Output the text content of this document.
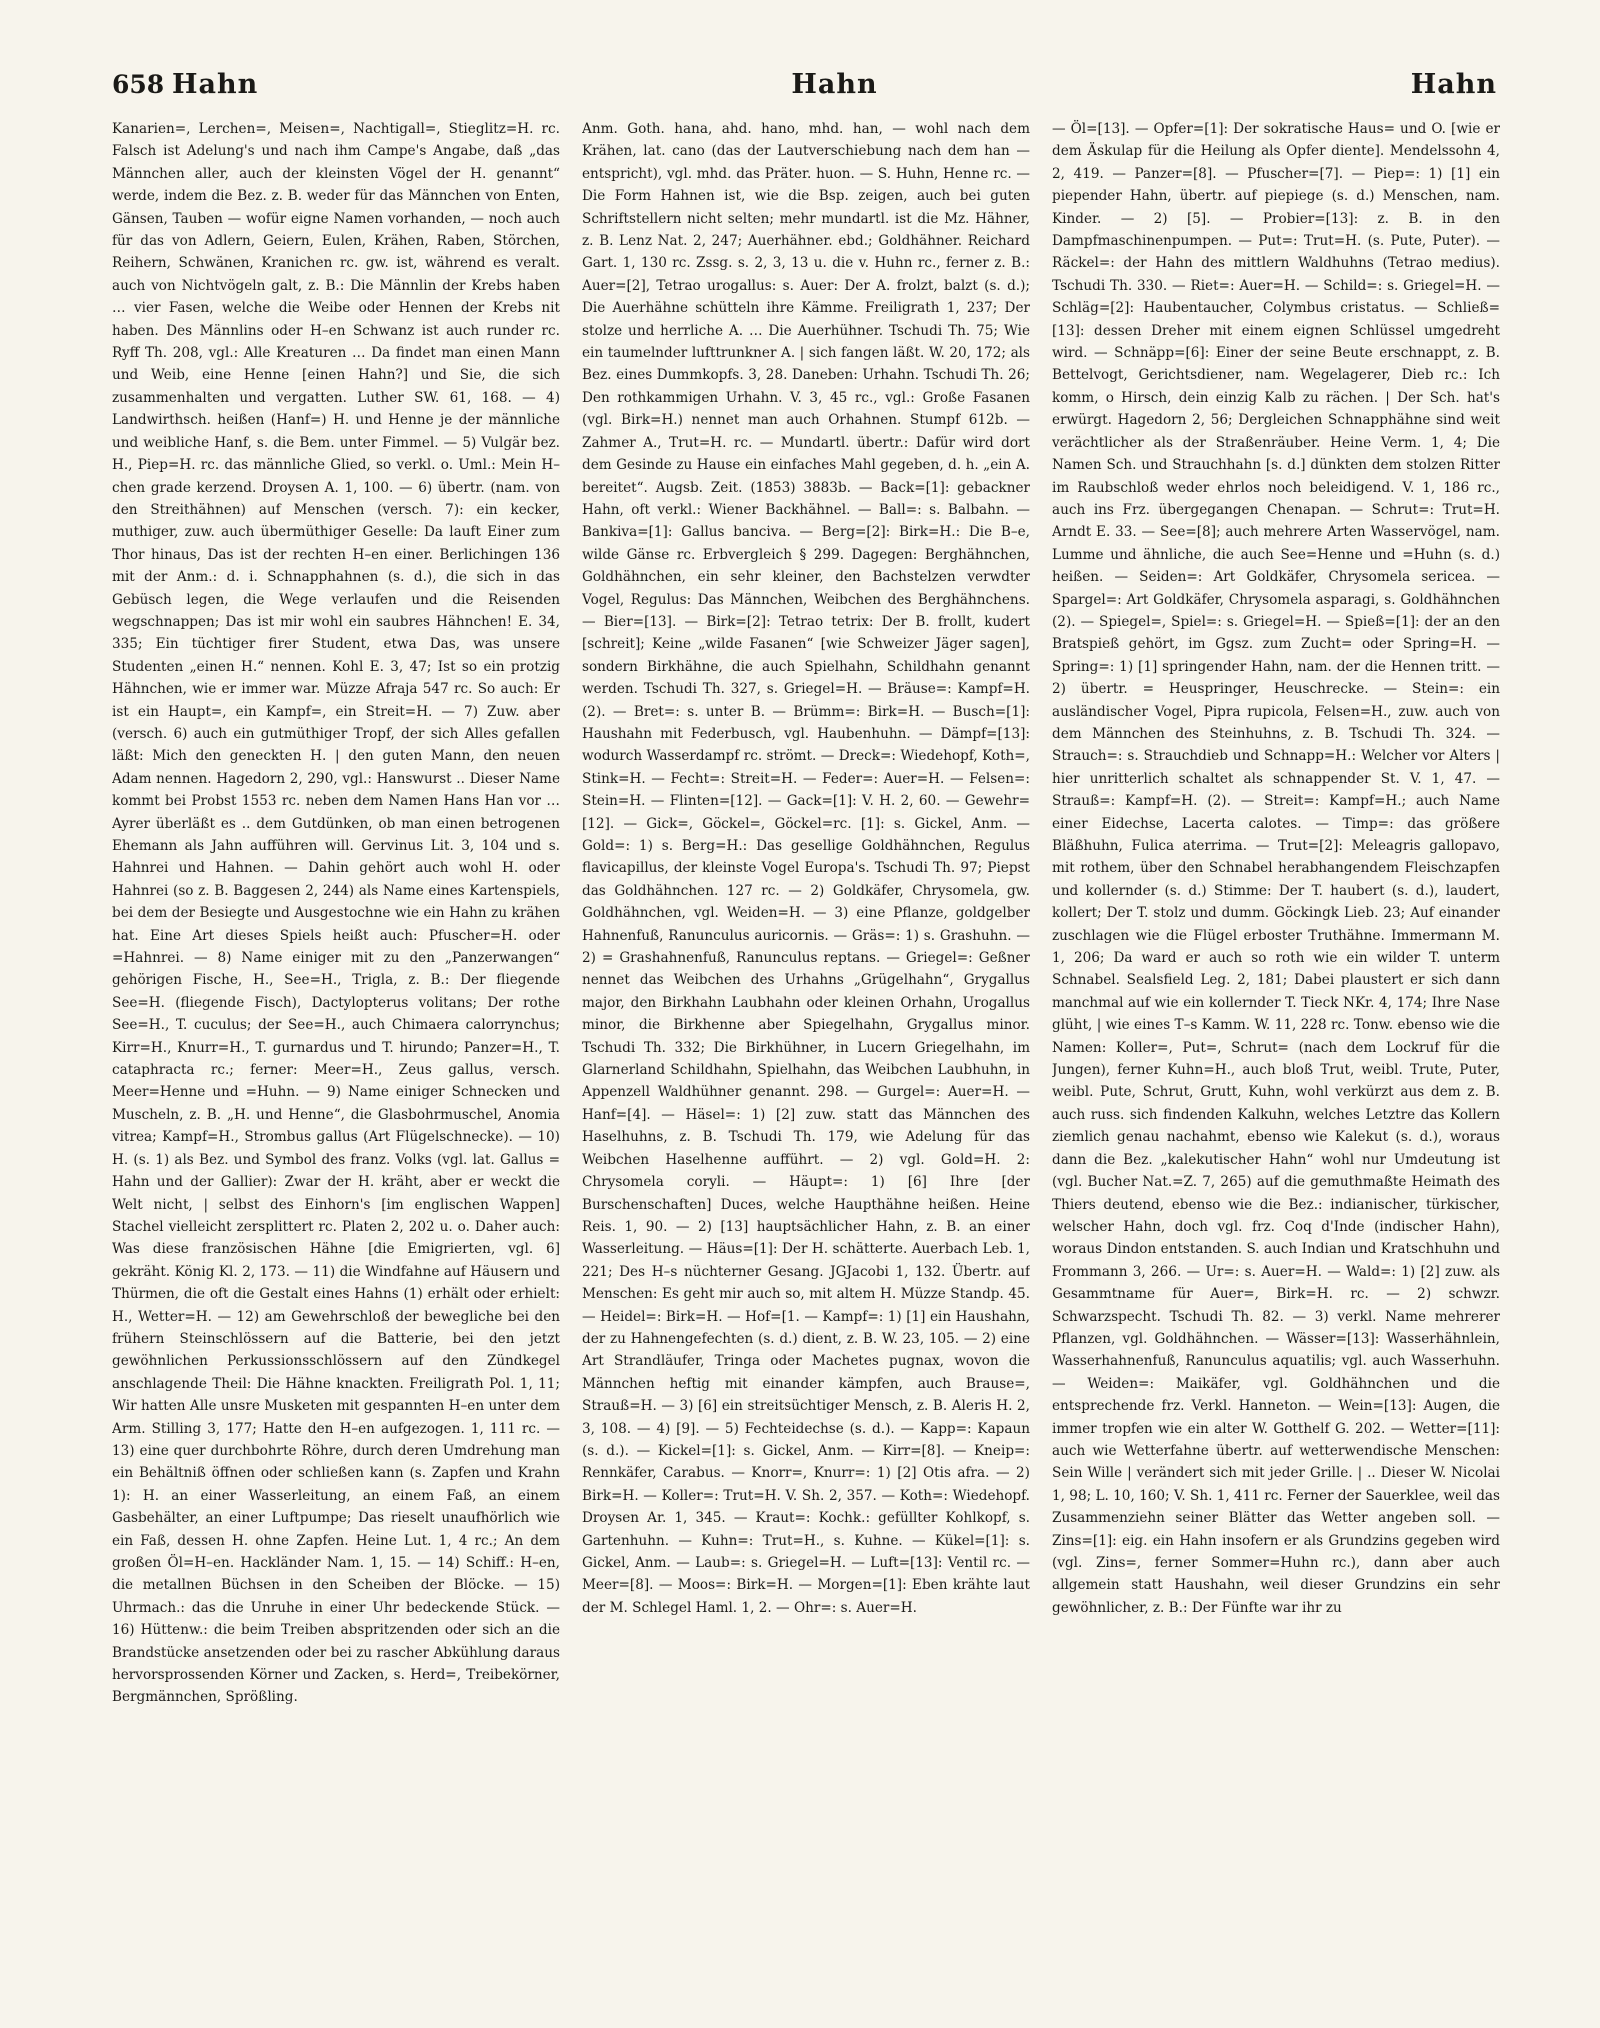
658 Hahn	Hahn	Hahn

Kanarien=, Lerchen=, Meisen=, Nachtigall=, Stieglitz=H. rc. Falsch ist Adelung's und nach ihm Campe's Angabe, daß „das Männchen aller, auch der kleinsten Vögel der H. genannt“ werde, indem die Bez. z. B. weder für das Männchen von Enten, Gänsen, Tauben — wofür eigne Namen vorhanden, — noch auch für das von Adlern, Geiern, Eulen, Krähen, Raben, Störchen, Reihern, Schwänen, Kranichen rc. gw. ist, während es veralt. auch von Nichtvögeln galt, z. B.: Die Männlin der Krebs haben … vier Fasen, welche die Weibe oder Hennen der Krebs nit haben. Des Männlins oder H–en Schwanz ist auch runder rc. Ryff Th. 208, vgl.: Alle Kreaturen … Da findet man einen Mann und Weib, eine Henne [einen Hahn?] und Sie, die sich zusammenhalten und vergatten. Luther SW. 61, 168. — 4) Landwirthsch. heißen (Hanf=) H. und Henne je der männliche und weibliche Hanf, s. die Bem. unter Fimmel. — 5) Vulgär bez. H., Piep=H. rc. das männliche Glied, so verkl. o. Uml.: Mein H–chen grade kerzend. Droysen A. 1, 100. — 6) übertr. (nam. von den Streithähnen) auf Menschen (versch. 7): ein kecker, muthiger, zuw. auch übermüthiger Geselle: Da lauft Einer zum Thor hinaus, Das ist der rechten H–en einer. Berlichingen 136 mit der Anm.: d. i. Schnapphahnen (s. d.), die sich in das Gebüsch legen, die Wege verlaufen und die Reisenden wegschnappen; Das ist mir wohl ein saubres Hähnchen! E. 34, 335; Ein tüchtiger firer Student, etwa Das, was unsere Studenten „einen H.“ nennen. Kohl E. 3, 47; Ist so ein protzig Hähnchen, wie er immer war. Müzze Afraja 547 rc. So auch: Er ist ein Haupt=, ein Kampf=, ein Streit=H. — 7) Zuw. aber (versch. 6) auch ein gutmüthiger Tropf, der sich Alles gefallen läßt: Mich den geneckten H. | den guten Mann, den neuen Adam nennen. Hagedorn 2, 290, vgl.: Hanswurst .. Dieser Name kommt bei Probst 1553 rc. neben dem Namen Hans Han vor … Ayrer überläßt es .. dem Gutdünken, ob man einen betrogenen Ehemann als Jahn aufführen will. Gervinus Lit. 3, 104 und s. Hahnrei und Hahnen. — Dahin gehört auch wohl H. oder Hahnrei (so z. B. Baggesen 2, 244) als Name eines Kartenspiels, bei dem der Besiegte und Ausgestochne wie ein Hahn zu krähen hat. Eine Art dieses Spiels heißt auch: Pfuscher=H. oder =Hahnrei. — 8) Name einiger mit zu den „Panzerwangen“ gehörigen Fische, H., See=H., Trigla, z. B.: Der fliegende See=H. (fliegende Fisch), Dactylopterus volitans; Der rothe See=H., T. cuculus; der See=H., auch Chimaera calorrynchus; Kirr=H., Knurr=H., T. gurnardus und T. hirundo; Panzer=H., T. cataphracta rc.; ferner: Meer=H., Zeus gallus, versch. Meer=Henne und =Huhn. — 9) Name einiger Schnecken und Muscheln, z. B. „H. und Henne“, die Glasbohrmuschel, Anomia vitrea; Kampf=H., Strombus gallus (Art Flügelschnecke). — 10) H. (s. 1) als Bez. und Symbol des franz. Volks (vgl. lat. Gallus = Hahn und der Gallier): Zwar der H. kräht, aber er weckt die Welt nicht, | selbst des Einhorn's [im englischen Wappen] Stachel vielleicht zersplittert rc. Platen 2, 202 u. o. Daher auch: Was diese französischen Hähne [die Emigrierten, vgl. 6] gekräht. König Kl. 2, 173. — 11) die Windfahne auf Häusern und Thürmen, die oft die Gestalt eines Hahns (1) erhält oder erhielt: H., Wetter=H. — 12) am Gewehrschloß der bewegliche bei den frühern Steinschlössern auf die Batterie, bei den jetzt gewöhnlichen Perkussionsschlössern auf den Zündkegel anschlagende Theil: Die Hähne knackten. Freiligrath Pol. 1, 11; Wir hatten Alle unsre Musketen mit gespannten H–en unter dem Arm. Stilling 3, 177; Hatte den H–en aufgezogen. 1, 111 rc. — 13) eine quer durchbohrte Röhre, durch deren Umdrehung man ein Behältniß öffnen oder schließen kann (s. Zapfen und Krahn 1): H. an einer Wasserleitung, an einem Faß, an einem Gasbehälter, an einer Luftpumpe; Das rieselt unaufhörlich wie ein Faß, dessen H. ohne Zapfen. Heine Lut. 1, 4 rc.; An dem großen Öl=H–en. Hackländer Nam. 1, 15. — 14) Schiff.: H–en, die metallnen Büchsen in den Scheiben der Blöcke. — 15) Uhrmach.: das die Unruhe in einer Uhr bedeckende Stück. — 16) Hüttenw.: die beim Treiben abspritzenden oder sich an die Brandstücke ansetzenden oder bei zu rascher Abkühlung daraus hervorsprossenden Körner und Zacken, s. Herd=, Treibekörner, Bergmännchen, Sprößling.

Anm. Goth. hana, ahd. hano, mhd. han, — wohl nach dem Krähen, lat. cano (das der Lautverschiebung nach dem han — entspricht), vgl. mhd. das Präter. huon. — S. Huhn, Henne rc. — Die Form Hahnen ist, wie die Bsp. zeigen, auch bei guten Schriftstellern nicht selten; mehr mundartl. ist die Mz. Hähner, z. B. Lenz Nat. 2, 247; Auerhähner. ebd.; Goldhähner. Reichard Gart. 1, 130 rc. Zssg. s. 2, 3, 13 u. die v. Huhn rc., ferner z. B.: Auer=[2], Tetrao urogallus: s. Auer: Der A. frolzt, balzt (s. d.); Die Auerhähne schütteln ihre Kämme. Freiligrath 1, 237; Der stolze und herrliche A. … Die Auerhühner. Tschudi Th. 75; Wie ein taumelnder lufttrunkner A. | sich fangen läßt. W. 20, 172; als Bez. eines Dummkopfs. 3, 28. Daneben: Urhahn. Tschudi Th. 26; Den rothkammigen Urhahn. V. 3, 45 rc., vgl.: Große Fasanen (vgl. Birk=H.) nennet man auch Orhahnen. Stumpf 612b. — Zahmer A., Trut=H. rc. — Mundartl. übertr.: Dafür wird dort dem Gesinde zu Hause ein einfaches Mahl gegeben, d. h. „ein A. bereitet“. Augsb. Zeit. (1853) 3883b. — Back=[1]: gebackner Hahn, oft verkl.: Wiener Backhähnel. — Ball=: s. Balbahn. — Bankiva=[1]: Gallus banciva. — Berg=[2]: Birk=H.: Die B–e, wilde Gänse rc. Erbvergleich § 299. Dagegen: Berghähnchen, Goldhähnchen, ein sehr kleiner, den Bachstelzen verwdter Vogel, Regulus: Das Männchen, Weibchen des Berghähnchens. — Bier=[13]. — Birk=[2]: Tetrao tetrix: Der B. frollt, kudert [schreit]; Keine „wilde Fasanen“ [wie Schweizer Jäger sagen], sondern Birkhähne, die auch Spielhahn, Schildhahn genannt werden. Tschudi Th. 327, s. Griegel=H. — Bräuse=: Kampf=H. (2). — Bret=: s. unter B. — Brümm=: Birk=H. — Busch=[1]: Haushahn mit Federbusch, vgl. Haubenhuhn. — Dämpf=[13]: wodurch Wasserdampf rc. strömt. — Dreck=: Wiedehopf, Koth=, Stink=H. — Fecht=: Streit=H. — Feder=: Auer=H. — Felsen=: Stein=H. — Flinten=[12]. — Gack=[1]: V. H. 2, 60. — Gewehr=[12]. — Gick=, Göckel=, Göckel=rc. [1]: s. Gickel, Anm. — Gold=: 1) s. Berg=H.: Das gesellige Goldhähnchen, Regulus flavicapillus, der kleinste Vogel Europa's. Tschudi Th. 97; Piepst das Goldhähnchen. 127 rc. — 2) Goldkäfer, Chrysomela, gw. Goldhähnchen, vgl. Weiden=H. — 3) eine Pflanze, goldgelber Hahnenfuß, Ranunculus auricornis. — Gräs=: 1) s. Grashuhn. — 2) = Grashahnenfuß, Ranunculus reptans. — Griegel=: Geßner nennet das Weibchen des Urhahns „Grügelhahn“, Grygallus major, den Birkhahn Laubhahn oder kleinen Orhahn, Urogallus minor, die Birkhenne aber Spiegelhahn, Grygallus minor. Tschudi Th. 332; Die Birkhühner, in Lucern Griegelhahn, im Glarnerland Schildhahn, Spielhahn, das Weibchen Laubhuhn, in Appenzell Waldhühner genannt. 298. — Gurgel=: Auer=H. — Hanf=[4]. — Häsel=: 1) [2] zuw. statt das Männchen des Haselhuhns, z. B. Tschudi Th. 179, wie Adelung für das Weibchen Haselhenne aufführt. — 2) vgl. Gold=H. 2: Chrysomela coryli. — Häupt=: 1) [6] Ihre [der Burschenschaften] Duces, welche Haupthähne heißen. Heine Reis. 1, 90. — 2) [13] hauptsächlicher Hahn, z. B. an einer Wasserleitung. — Häus=[1]: Der H. schätterte. Auerbach Leb. 1, 221; Des H–s nüchterner Gesang. JGJacobi 1, 132. Übertr. auf Menschen: Es geht mir auch so, mit altem H. Müzze Standp. 45. — Heidel=: Birk=H. — Hof=[1. — Kampf=: 1) [1] ein Haushahn, der zu Hahnengefechten (s. d.) dient, z. B. W. 23, 105. — 2) eine Art Strandläufer, Tringa oder Machetes pugnax, wovon die Männchen heftig mit einander kämpfen, auch Brause=, Strauß=H. — 3) [6] ein streitsüchtiger Mensch, z. B. Aleris H. 2, 3, 108. — 4) [9]. — 5) Fechteidechse (s. d.). — Kapp=: Kapaun (s. d.). — Kickel=[1]: s. Gickel, Anm. — Kirr=[8]. — Kneip=: Rennkäfer, Carabus. — Knorr=, Knurr=: 1) [2] Otis afra. — 2) Birk=H. — Koller=: Trut=H. V. Sh. 2, 357. — Koth=: Wiedehopf. Droysen Ar. 1, 345. — Kraut=: Kochk.: gefüllter Kohlkopf, s. Gartenhuhn. — Kuhn=: Trut=H., s. Kuhne. — Kükel=[1]: s. Gickel, Anm. — Laub=: s. Griegel=H. — Luft=[13]: Ventil rc. — Meer=[8]. — Moos=: Birk=H. — Morgen=[1]: Eben krähte laut der M. Schlegel Haml. 1, 2. — Ohr=: s. Auer=H.

— Öl=[13]. — Opfer=[1]: Der sokratische Haus= und O. [wie er dem Äskulap für die Heilung als Opfer diente]. Mendelssohn 4, 2, 419. — Panzer=[8]. — Pfuscher=[7]. — Piep=: 1) [1] ein piepender Hahn, übertr. auf piepiege (s. d.) Menschen, nam. Kinder. — 2) [5]. — Probier=[13]: z. B. in den Dampfmaschinenpumpen. — Put=: Trut=H. (s. Pute, Puter). — Räckel=: der Hahn des mittlern Waldhuhns (Tetrao medius). Tschudi Th. 330. — Riet=: Auer=H. — Schild=: s. Griegel=H. — Schläg=[2]: Haubentaucher, Colymbus cristatus. — Schließ=[13]: dessen Dreher mit einem eignen Schlüssel umgedreht wird. — Schnäpp=[6]: Einer der seine Beute erschnappt, z. B. Bettelvogt, Gerichtsdiener, nam. Wegelagerer, Dieb rc.: Ich komm, o Hirsch, dein einzig Kalb zu rächen. | Der Sch. hat's erwürgt. Hagedorn 2, 56; Dergleichen Schnapphähne sind weit verächtlicher als der Straßenräuber. Heine Verm. 1, 4; Die Namen Sch. und Strauchhahn [s. d.] dünkten dem stolzen Ritter im Raubschloß weder ehrlos noch beleidigend. V. 1, 186 rc., auch ins Frz. übergegangen Chenapan. — Schrut=: Trut=H. Arndt E. 33. — See=[8]; auch mehrere Arten Wasservögel, nam. Lumme und ähnliche, die auch See=Henne und =Huhn (s. d.) heißen. — Seiden=: Art Goldkäfer, Chrysomela sericea. — Spargel=: Art Goldkäfer, Chrysomela asparagi, s. Goldhähnchen (2). — Spiegel=, Spiel=: s. Griegel=H. — Spieß=[1]: der an den Bratspieß gehört, im Ggsz. zum Zucht= oder Spring=H. — Spring=: 1) [1] springender Hahn, nam. der die Hennen tritt. — 2) übertr. = Heuspringer, Heuschrecke. — Stein=: ein ausländischer Vogel, Pipra rupicola, Felsen=H., zuw. auch von dem Männchen des Steinhuhns, z. B. Tschudi Th. 324. — Strauch=: s. Strauchdieb und Schnapp=H.: Welcher vor Alters | hier unritterlich schaltet als schnappender St. V. 1, 47. — Strauß=: Kampf=H. (2). — Streit=: Kampf=H.; auch Name einer Eidechse, Lacerta calotes. — Timp=: das größere Bläßhuhn, Fulica aterrima. — Trut=[2]: Meleagris gallopavo, mit rothem, über den Schnabel herabhangendem Fleischzapfen und kollernder (s. d.) Stimme: Der T. haubert (s. d.), laudert, kollert; Der T. stolz und dumm. Göckingk Lieb. 23; Auf einander zuschlagen wie die Flügel erboster Truthähne. Immermann M. 1, 206; Da ward er auch so roth wie ein wilder T. unterm Schnabel. Sealsfield Leg. 2, 181; Dabei plaustert er sich dann manchmal auf wie ein kollernder T. Tieck NKr. 4, 174; Ihre Nase glüht, | wie eines T–s Kamm. W. 11, 228 rc. Tonw. ebenso wie die Namen: Koller=, Put=, Schrut= (nach dem Lockruf für die Jungen), ferner Kuhn=H., auch bloß Trut, weibl. Trute, Puter, weibl. Pute, Schrut, Grutt, Kuhn, wohl verkürzt aus dem z. B. auch russ. sich findenden Kalkuhn, welches Letztre das Kollern ziemlich genau nachahmt, ebenso wie Kalekut (s. d.), woraus dann die Bez. „kalekutischer Hahn“ wohl nur Umdeutung ist (vgl. Bucher Nat.=Z. 7, 265) auf die gemuthmaßte Heimath des Thiers deutend, ebenso wie die Bez.: indianischer, türkischer, welscher Hahn, doch vgl. frz. Coq d'Inde (indischer Hahn), woraus Dindon entstanden. S. auch Indian und Kratschhuhn und Frommann 3, 266. — Ur=: s. Auer=H. — Wald=: 1) [2] zuw. als Gesammtname für Auer=, Birk=H. rc. — 2) schwzr. Schwarzspecht. Tschudi Th. 82. — 3) verkl. Name mehrerer Pflanzen, vgl. Goldhähnchen. — Wässer=[13]: Wasserhähnlein, Wasserhahnenfuß, Ranunculus aquatilis; vgl. auch Wasserhuhn. — Weiden=: Maikäfer, vgl. Goldhähnchen und die entsprechende frz. Verkl. Hanneton. — Wein=[13]: Augen, die immer tropfen wie ein alter W. Gotthelf G. 202. — Wetter=[11]: auch wie Wetterfahne übertr. auf wetterwendische Menschen: Sein Wille | verändert sich mit jeder Grille. | .. Dieser W. Nicolai 1, 98; L. 10, 160; V. Sh. 1, 411 rc. Ferner der Sauerklee, weil das Zusammenziehn seiner Blätter das Wetter angeben soll. — Zins=[1]: eig. ein Hahn insofern er als Grundzins gegeben wird (vgl. Zins=, ferner Sommer=Huhn rc.), dann aber auch allgemein statt Haushahn, weil dieser Grundzins ein sehr gewöhnlicher, z. B.: Der Fünfte war ihr zu
